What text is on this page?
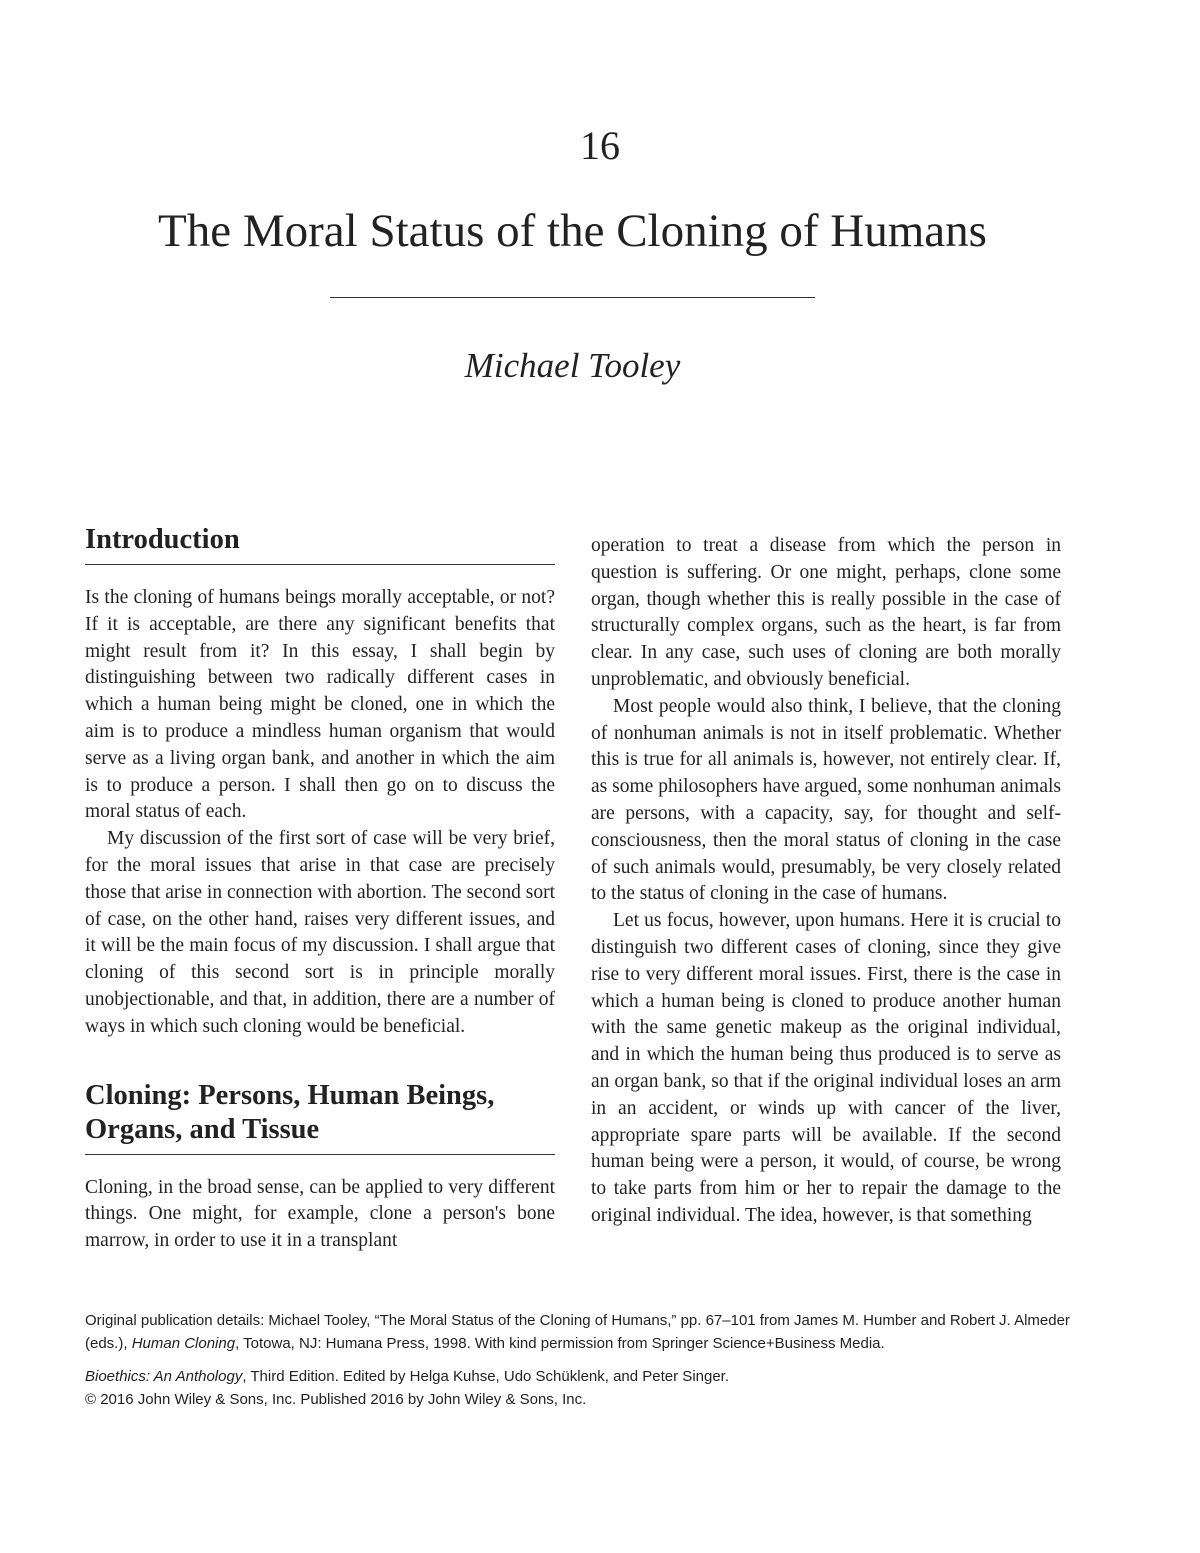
16
The Moral Status of the Cloning of Humans
Michael Tooley
Introduction

Is the cloning of humans beings morally acceptable, or not? If it is acceptable, are there any significant benefits that might result from it? In this essay, I shall begin by distinguishing between two radically different cases in which a human being might be cloned, one in which the aim is to produce a mindless human organism that would serve as a living organ bank, and another in which the aim is to produce a person. I shall then go on to discuss the moral status of each.

My discussion of the first sort of case will be very brief, for the moral issues that arise in that case are precisely those that arise in connection with abortion. The second sort of case, on the other hand, raises very different issues, and it will be the main focus of my discussion. I shall argue that cloning of this second sort is in principle morally unobjectionable, and that, in addition, there are a number of ways in which such cloning would be beneficial.

Cloning: Persons, Human Beings, Organs, and Tissue

Cloning, in the broad sense, can be applied to very different things. One might, for example, clone a person's bone marrow, in order to use it in a transplant

operation to treat a disease from which the person in question is suffering. Or one might, perhaps, clone some organ, though whether this is really possible in the case of structurally complex organs, such as the heart, is far from clear. In any case, such uses of cloning are both morally unproblematic, and obviously beneficial.

Most people would also think, I believe, that the cloning of nonhuman animals is not in itself problematic. Whether this is true for all animals is, however, not entirely clear. If, as some philosophers have argued, some nonhuman animals are persons, with a capacity, say, for thought and self-consciousness, then the moral status of cloning in the case of such animals would, presumably, be very closely related to the status of cloning in the case of humans.

Let us focus, however, upon humans. Here it is crucial to distinguish two different cases of cloning, since they give rise to very different moral issues. First, there is the case in which a human being is cloned to produce another human with the same genetic makeup as the original individual, and in which the human being thus produced is to serve as an organ bank, so that if the original individual loses an arm in an accident, or winds up with cancer of the liver, appropriate spare parts will be available. If the second human being were a person, it would, of course, be wrong to take parts from him or her to repair the damage to the original individual. The idea, however, is that something

Original publication details: Michael Tooley, “The Moral Status of the Cloning of Humans,” pp. 67–101 from James M. Humber and Robert J. Almeder (eds.), Human Cloning, Totowa, NJ: Humana Press, 1998. With kind permission from Springer Science+Business Media.
Bioethics: An Anthology, Third Edition. Edited by Helga Kuhse, Udo Schüklenk, and Peter Singer.
© 2016 John Wiley & Sons, Inc. Published 2016 by John Wiley & Sons, Inc.
